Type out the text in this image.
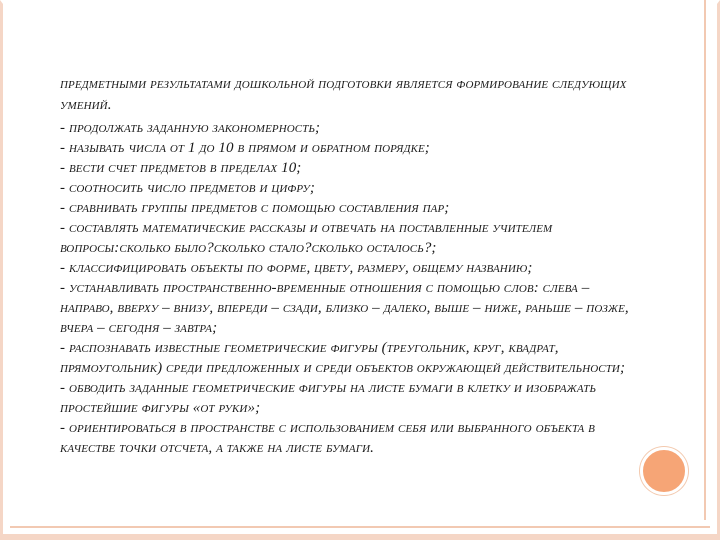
предметными результатами дошкольной подготовки является формирование следующих умений.
- продолжать заданную закономерность;
- называть числа от 1 до 10 в прямом и обратном порядке;
- вести счет предметов в пределах 10;
- соотносить число предметов и цифру;
- сравнивать группы предметов с помощью составления пар;
- составлять математические рассказы и отвечать на поставленные учителем вопросы:сколько было?сколько стало?сколько осталось?;
- классифицировать объекты по форме, цвету, размеру, общему названию;
- устанавливать пространственно-временные отношения с помощью слов: слева – направо, вверху – внизу, впереди – сзади, близко – далеко, выше – ниже, раньше – позже, вчера – сегодня – завтра;
- распознавать известные геометрические фигуры (треугольник, круг, квадрат, прямоугольник) среди предложенных и среди объектов окружающей действительности;
- обводить заданные геометрические фигуры на листе бумаги в клетку и изображать простейшие фигуры «от руки»;
- ориентироваться в пространстве с использованием себя или выбранного объекта в качестве точки отсчета, а также на листе бумаги.
